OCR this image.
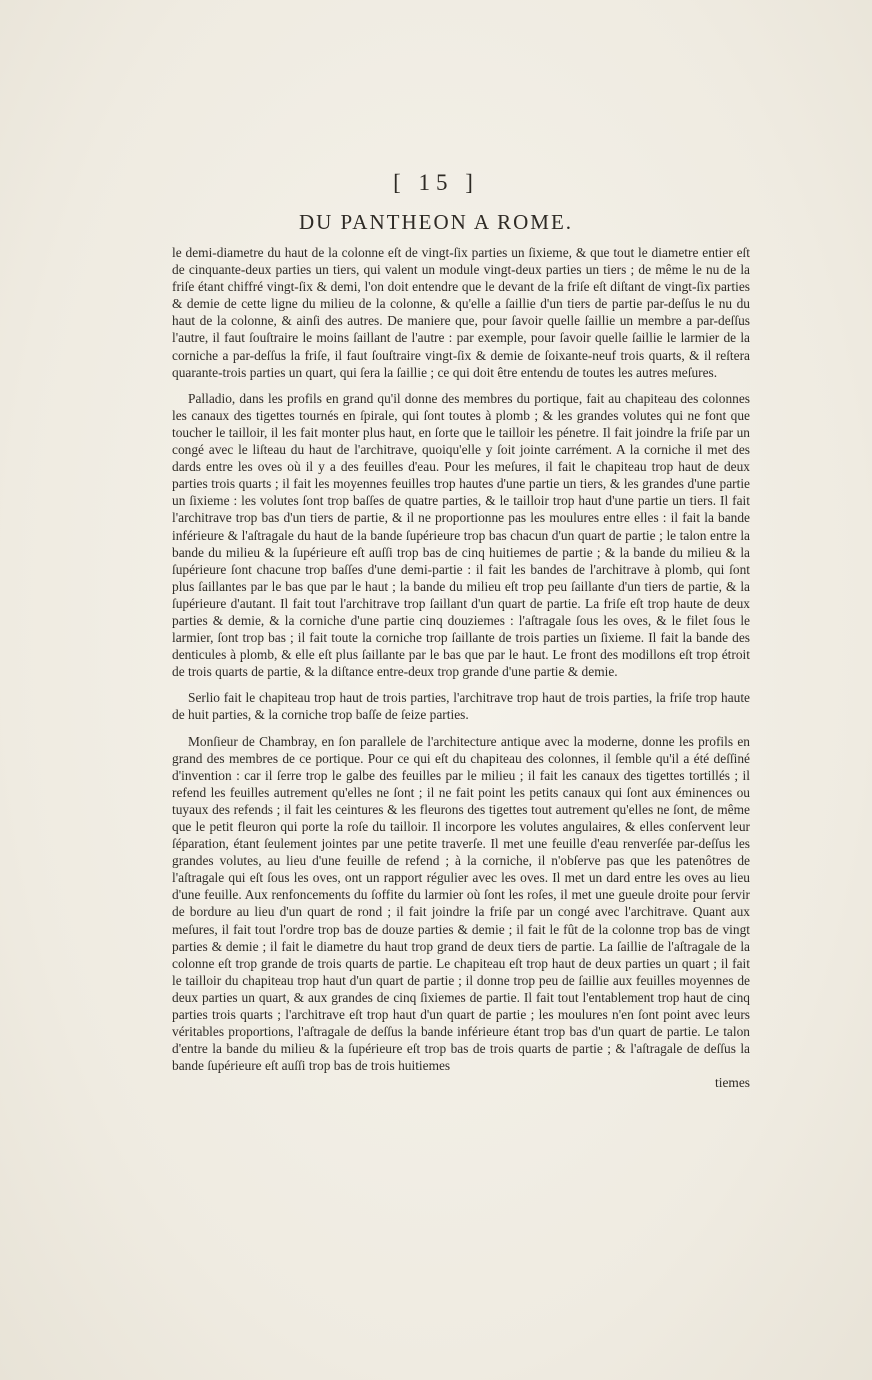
[ 15 ]
DU PANTHEON A ROME.

le demi-diametre du haut de la colonne eſt de vingt-ſix parties un ſixieme, & que tout le diametre entier eſt de cinquante-deux parties un tiers, qui valent un module vingt-deux parties un tiers ; de même le nu de la friſe étant chiffré vingt-ſix & demi, l'on doit entendre que le devant de la friſe eſt diſtant de vingt-ſix parties & demie de cette ligne du milieu de la colonne, & qu'elle a ſaillie d'un tiers de partie par-deſſus le nu du haut de la colonne, & ainſi des autres. De maniere que, pour ſavoir quelle ſaillie un membre a par-deſſus l'autre, il faut ſouſtraire le moins ſaillant de l'autre : par exemple, pour ſavoir quelle ſaillie le larmier de la corniche a par-deſſus la friſe, il faut ſouſtraire vingt-ſix & demie de ſoixante-neuf trois quarts, & il reſtera quarante-trois parties un quart, qui ſera la ſaillie ; ce qui doit être entendu de toutes les autres meſures.

Palladio, dans les profils en grand qu'il donne des membres du portique, fait au chapiteau des colonnes les canaux des tigettes tournés en ſpirale, qui ſont toutes à plomb ; & les grandes volutes qui ne font que toucher le tailloir, il les fait monter plus haut, en ſorte que le tailloir les pénetre. Il fait joindre la friſe par un congé avec le liſteau du haut de l'architrave, quoiqu'elle y ſoit jointe carrément. A la corniche il met des dards entre les oves où il y a des feuilles d'eau. Pour les meſures, il fait le chapiteau trop haut de deux parties trois quarts ; il fait les moyennes feuilles trop hautes d'une partie un tiers, & les grandes d'une partie un ſixieme : les volutes ſont trop baſſes de quatre parties, & le tailloir trop haut d'une partie un tiers. Il fait l'architrave trop bas d'un tiers de partie, & il ne proportionne pas les moulures entre elles : il fait la bande inférieure & l'aſtragale du haut de la bande ſupérieure trop bas chacun d'un quart de partie ; le talon entre la bande du milieu & la ſupérieure eſt auſſi trop bas de cinq huitiemes de partie ; & la bande du milieu & la ſupérieure ſont chacune trop baſſes d'une demi-partie : il fait les bandes de l'architrave à plomb, qui ſont plus ſaillantes par le bas que par le haut ; la bande du milieu eſt trop peu ſaillante d'un tiers de partie, & la ſupérieure d'autant. Il fait tout l'architrave trop ſaillant d'un quart de partie. La friſe eſt trop haute de deux parties & demie, & la corniche d'une partie cinq douziemes : l'aſtragale ſous les oves, & le filet ſous le larmier, ſont trop bas ; il fait toute la corniche trop ſaillante de trois parties un ſixieme. Il fait la bande des denticules à plomb, & elle eſt plus ſaillante par le bas que par le haut. Le front des modillons eſt trop étroit de trois quarts de partie, & la diſtance entre-deux trop grande d'une partie & demie.

Serlio fait le chapiteau trop haut de trois parties, l'architrave trop haut de trois parties, la friſe trop haute de huit parties, & la corniche trop baſſe de ſeize parties.

Monſieur de Chambray, en ſon parallele de l'architecture antique avec la moderne, donne les profils en grand des membres de ce portique. Pour ce qui eſt du chapiteau des colonnes, il ſemble qu'il a été deſſiné d'invention : car il ſerre trop le galbe des feuilles par le milieu ; il fait les canaux des tigettes tortillés ; il refend les feuilles autrement qu'elles ne ſont ; il ne fait point les petits canaux qui ſont aux éminences ou tuyaux des refends ; il fait les ceintures & les fleurons des tigettes tout autrement qu'elles ne ſont, de même que le petit fleuron qui porte la roſe du tailloir. Il incorpore les volutes angulaires, & elles conſervent leur ſéparation, étant ſeulement jointes par une petite traverſe. Il met une feuille d'eau renverſée par-deſſus les grandes volutes, au lieu d'une feuille de refend ; à la corniche, il n'obſerve pas que les patenôtres de l'aſtragale qui eſt ſous les oves, ont un rapport régulier avec les oves. Il met un dard entre les oves au lieu d'une feuille. Aux renfoncements du ſoffite du larmier où ſont les roſes, il met une gueule droite pour ſervir de bordure au lieu d'un quart de rond ; il fait joindre la friſe par un congé avec l'architrave. Quant aux meſures, il fait tout l'ordre trop bas de douze parties & demie ; il fait le fût de la colonne trop bas de vingt parties & demie ; il fait le diametre du haut trop grand de deux tiers de partie. La ſaillie de l'aſtragale de la colonne eſt trop grande de trois quarts de partie. Le chapiteau eſt trop haut de deux parties un quart ; il fait le tailloir du chapiteau trop haut d'un quart de partie ; il donne trop peu de ſaillie aux feuilles moyennes de deux parties un quart, & aux grandes de cinq ſixiemes de partie. Il fait tout l'entablement trop haut de cinq parties trois quarts ; l'architrave eſt trop haut d'un quart de partie ; les moulures n'en ſont point avec leurs véritables proportions, l'aſtragale de deſſus la bande inférieure étant trop bas d'un quart de partie. Le talon d'entre la bande du milieu & la ſupérieure eſt trop bas de trois quarts de partie ; & l'aſtragale de deſſus la bande ſupérieure eſt auſſi trop bas de trois huitiemes

tiemes
